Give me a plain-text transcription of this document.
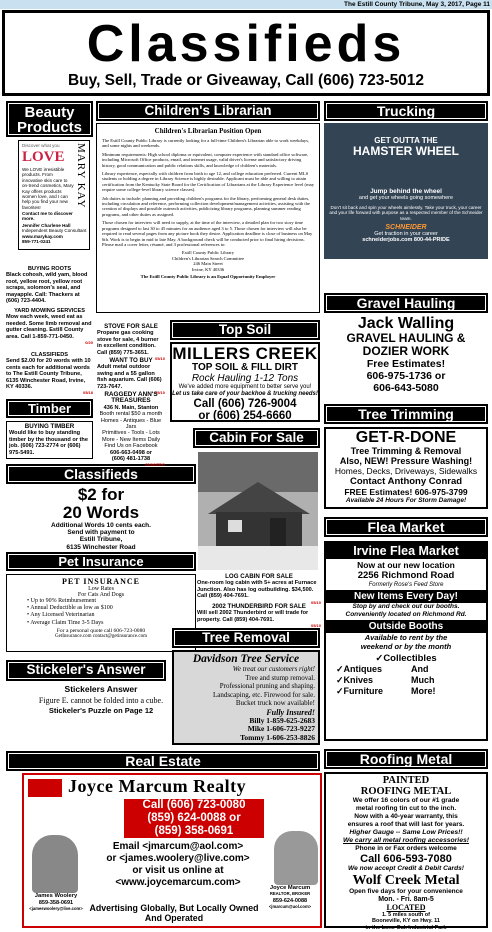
The Estill County Tribune, May 3, 2017, Page 11
Classifieds
Buy, Sell, Trade or Giveaway, Call (606) 723-5012
Beauty Products
Discover what you
LOVE
We LOVE irresistible products. From innovative skin care to on-trend cosmetics, Mary Kay offers products women love, and I can help you find your new favorites!
Contact me to discover more.
MARY KAY
Jennifer Charlene Hall
Independent Beauty Consultant
www.marykay.com
859-771-0241
BUYING ROOTS
Black cohosh, wild yam, blood root, yellow root, yellow root scraps, solomon's seal, and mayapple. Call: Thackers at (606) 723-4404.
YARD MOWING SERVICES
Mow each week, weed eat as needed. Some limb removal and gutter cleaning. Estill County area. Call 1-859-771-0450.
0/20
CLASSIFIEDS
Send $2.00 for 20 words with 10 cents each for additional words to The Estill County Tribune, 6135 Winchester Road, Irvine, KY 40336.
05/18
Timber
BUYING TIMBER
Would like to buy standing timber by the thousand or the job. (606) 723-2774 or (606) 975-5491.
Classifieds
$2 for
20 Words
Additional Words 10 cents each.
Send with payment to
Estill Tribune,
6135 Winchester Road
Pet Insurance
PET INSURANCE
Low Rates
For Cats And Dogs
• Up to 90% Reimbursement
• Annual Deductible as low as $100
• Any Licensed Veterinarian
• Average Claim Time 3-5 Days
For a personal quote call 606-723-0080
GetInsurance.com contact@getinsurance.com
Stickeler's Answer
Stickelers Answer
Figure E. cannot be folded into a cube.
Stickeler's Puzzle on Page 12
Children's Librarian
Children's Librarian Position Open

The Estill County Public Library is currently looking for a full-time Children's Librarian able to work weekdays, and some nights and weekends.

Minimum requirements: High school diploma or equivalent, computer experience with standard office software, including Microsoft Office products, email, and internet usage, valid driver's license and satisfactory driving history, good communication and public relations skills, and knowledge of children's materials.

Library experience, especially with children from birth to age 12, and college education preferred. Current MLS students or holding a degree in Library Science is highly desirable. Applicant must be able and willing to attain certification from the Kentucky State Board for the Certification of Librarians at the Library Experience level (may require some college-level library science classes).

Job duties to include: planning and providing children's programs for the library, performing general desk duties, including circulation and reference, performing collection development/management activities, assisting with the creation of displays and possible outreach activities, publicizing library programs, planning summer reading programs, and other duties as assigned.

Those chosen for interview will need to supply, at the time of the interview, a detailed plan for two story time programs designed to last 30 to 45 minutes for an audience aged 3 to 5. Those chosen for interview will also be required to read several pages from any picture book they desire. Application deadline is close of business on May 6th. Work is to begin in mid to late May. A background check will be conducted prior to final hiring decisions. Please mail a cover letter, résumé, and 3 professional references to:

Estill County Public Library
Children's Librarian Search Committee
246 Main Street
Irvine, KY 40336
The Estill County Public Library is an Equal Opportunity Employer
STOVE FOR SALE
Propane gas cooking stove for sale, 4 burner in excellent condition. Call (859) 775-3651.
05/10
WANT TO BUY
Adult metal outdoor swing and a 55 gallon fish aquarium. Call (606) 723-7647.
05/10
RAGGEDY ANN'S TREASURES
436 N. Main, Stanton
Booth rental $50 a month
Homes - Antiques - Blue Jars
Primitives - Tools - Lots More - New Items Daily
Find Us on Facebook
606-663-0498 or
(606) 481-1738
05/06/ERG
Top Soil
MILLERS CREEK
TOP SOIL & FILL DIRT
Rock Hauling 1-12 Tons
We've added more equipment to better serve you!
Let us take care of your backhoe & trucking needs!
Call (606) 726-9004
or (606) 254-6660
Cabin For Sale
LOG CABIN FOR SALE
One-room log cabin with 5+ acres at Furnace Junction. Also has log outbuilding. $34,500. Call (859) 404-7691.
05/10
2002 THUNDERBIRD FOR SALE
Will sell 2002 Thunderbird or will trade for property. Call (859) 404-7691.
05/10
Tree Removal
Davidson Tree Service
We treat our customers right!
Tree and stump removal.
Professional pruning and shaping.
Landscaping, etc. Firewood for sale.
Bucket truck now available!
Fully Insured!
Billy 1-859-625-2683
Mike 1-606-723-9227
Tommy 1-606-253-8826
Trucking
GET OUTTA THE
HAMSTER WHEEL
Jump behind the wheel
and get your wheels going somewhere
Don't sit back and spin your wheels aimlessly. Take your truck, your career and your life forward with purpose as a respected member of the Schneider team.
SCHNEIDER
Get traction in your career
schneiderjobs.com 800-44-PRIDE
Gravel Hauling
Jack Walling
GRAVEL HAULING &
DOZIER WORK
Free Estimates!
606-975-1736 or
606-643-5080
Tree Trimming
GET-R-DONE
Tree Trimming & Removal
Also, NEW! Pressure Washing!
Homes, Decks, Driveways, Sidewalks
Contact Anthony Conrad
FREE Estimates! 606-975-3799
Available 24 Hours For Storm Damage!
Flea Market
Irvine Flea Market
Now at our new location
2256 Richmond Road
Formerly Rose's Feed Store
New Items Every Day!
Stop by and check out our booths.
Conveniently located on Richmond Rd.
Outside Booths
Available to rent by the
weekend or by the month
✓Collectibles
✓Antiques	And
✓Knives	Much
✓Furniture	More!
Roofing Metal
PAINTED
ROOFING METAL
We offer 16 colors of our #1 grade
metal roofing tin cut to the inch.
Now with a 40-year warranty, this
ensures a roof that will last for years.
Higher Gauge -- Same Low Prices!!
We carry all metal roofing accessories!
Phone in or Fax orders welcome
Call 606-593-7080
We now accept Credit & Debit Cards!
Wolf Creek Metal
Open five days for your convenience
Mon. - Fri. 8am-5
LOCATED
1. 5 miles south of
Booneville, KY on Hwy. 11
in the Lone Oak Industrial Park
Real Estate
Joyce Marcum Realty
Call (606) 723-0080
(859) 624-0088 or
(859) 358-0691
Email <jmarcum@aol.com>
or <james.woolery@live.com>
or visit us online at
<www.joycemarcum.com>
James Woolery
859-358-0691
<jameswoolery@live.com>
Joyce Marcum
REALTOR, BROKER
859-624-0088
<jmarcum@aol.com>
Advertising Globally, But Locally Owned And Operated
